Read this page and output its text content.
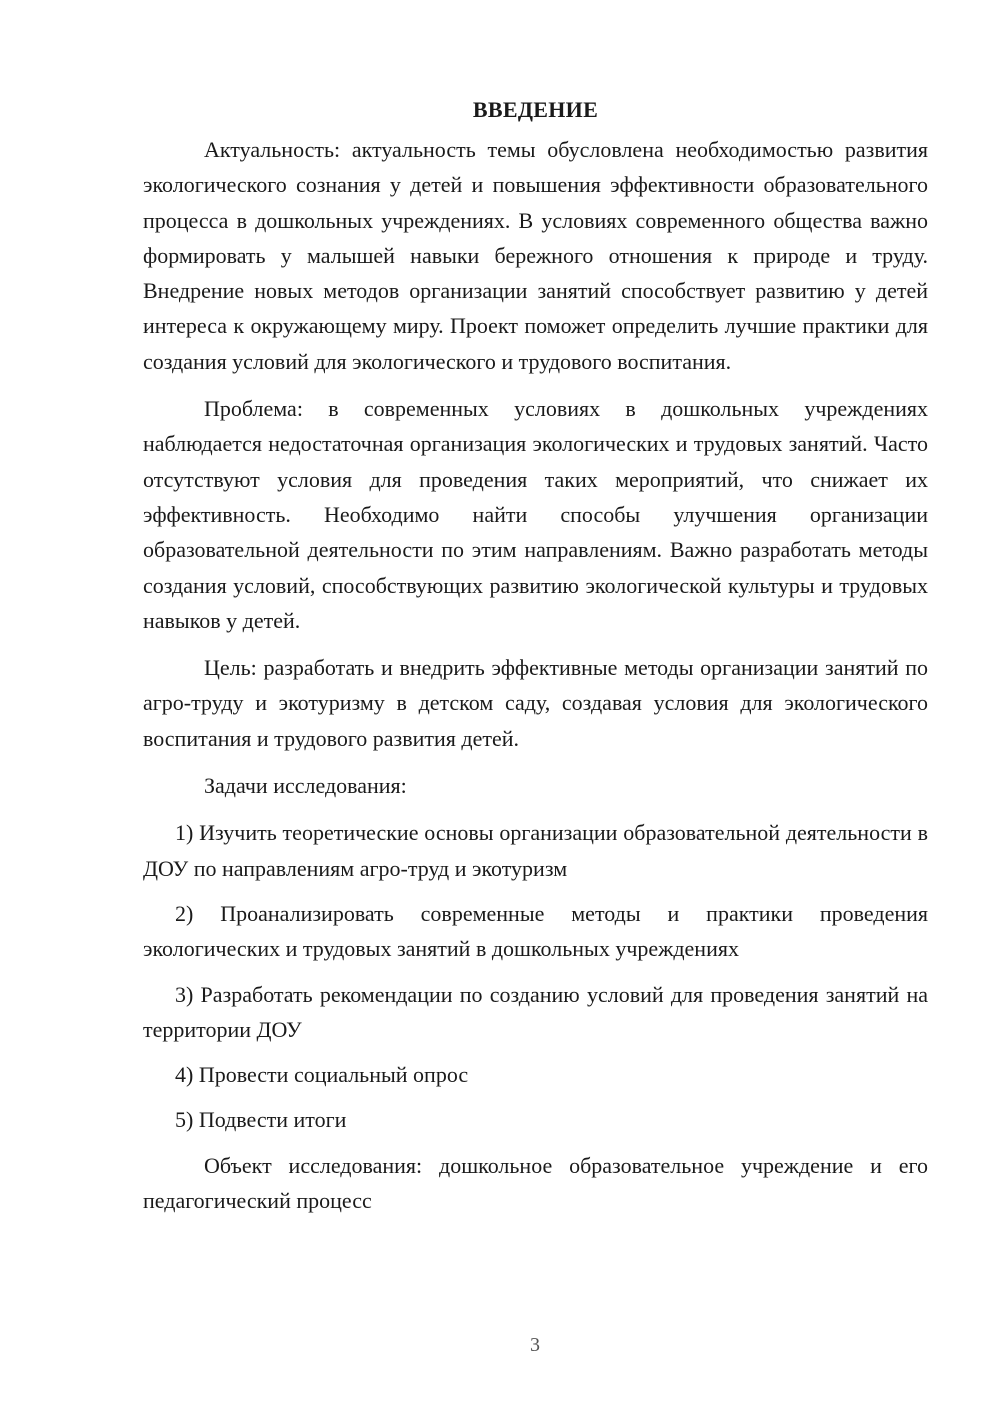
ВВЕДЕНИЕ

Актуальность: актуальность темы обусловлена необходимостью развития экологического сознания у детей и повышения эффективности образовательного процесса в дошкольных учреждениях. В условиях современного общества важно формировать у малышей навыки бережного отношения к природе и труду. Внедрение новых методов организации занятий способствует развитию у детей интереса к окружающему миру. Проект поможет определить лучшие практики для создания условий для экологического и трудового воспитания.

Проблема: в современных условиях в дошкольных учреждениях наблюдается недостаточная организация экологических и трудовых занятий. Часто отсутствуют условия для проведения таких мероприятий, что снижает их эффективность. Необходимо найти способы улучшения организации образовательной деятельности по этим направлениям. Важно разработать методы создания условий, способствующих развитию экологической культуры и трудовых навыков у детей.

Цель: разработать и внедрить эффективные методы организации занятий по агро-труду и экотуризму в детском саду, создавая условия для экологического воспитания и трудового развития детей.

Задачи исследования:

1) Изучить теоретические основы организации образовательной деятельности в ДОУ по направлениям агро-труд и экотуризм

2) Проанализировать современные методы и практики проведения экологических и трудовых занятий в дошкольных учреждениях

3) Разработать рекомендации по созданию условий для проведения занятий на территории ДОУ

4) Провести социальный опрос

5) Подвести итоги

Объект исследования: дошкольное образовательное учреждение и его педагогический процесс

3
